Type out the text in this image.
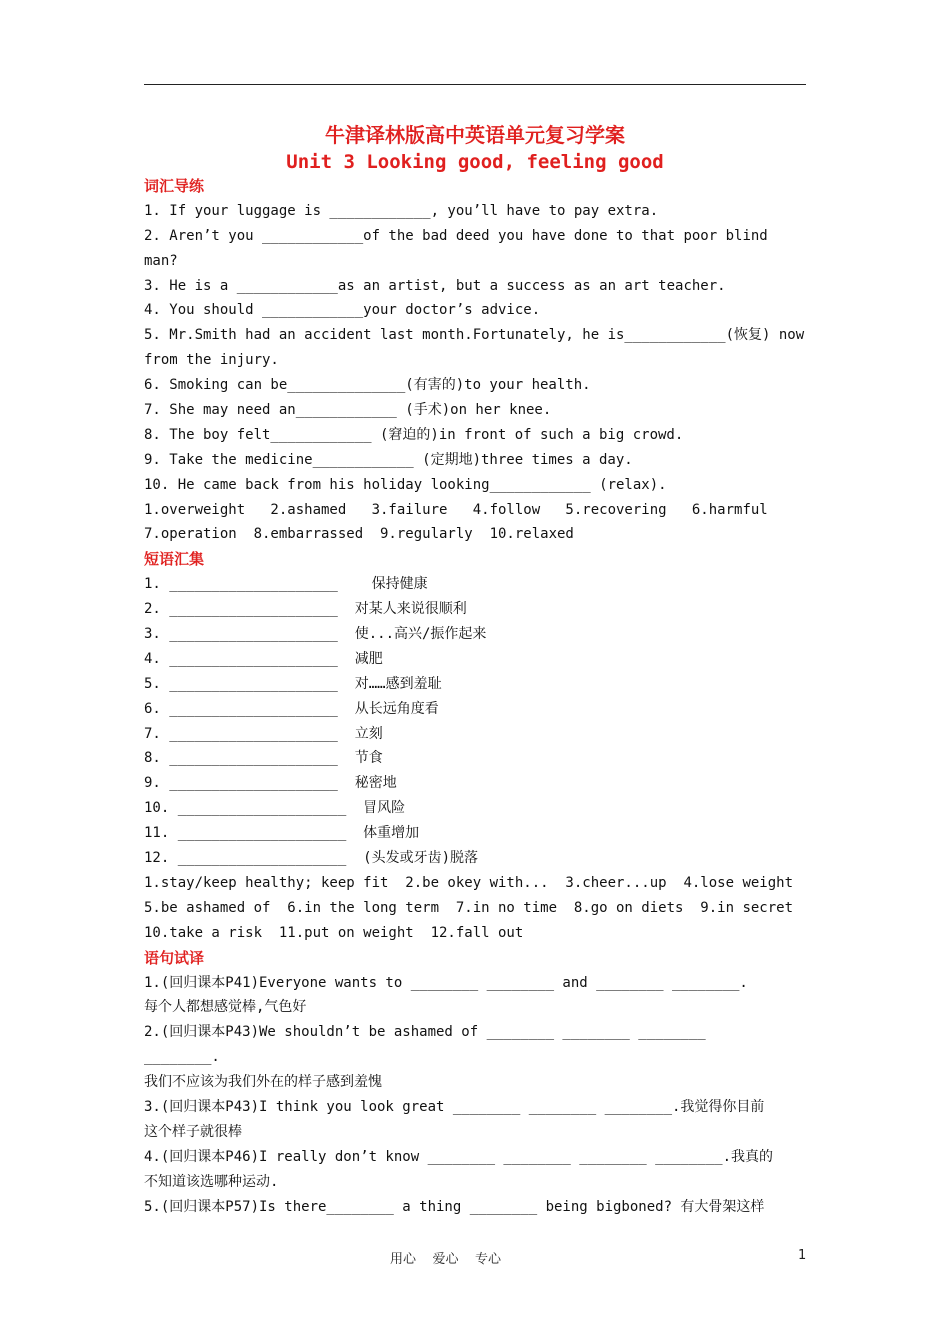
牛津译林版高中英语单元复习学案
Unit 3 Looking good, feeling good
词汇导练
1. If your luggage is ____________, you’ll have to pay extra.
2. Aren’t you ____________of the bad deed you have done to that poor blind
man?
3. He is a ____________as an artist, but a success as an art teacher.
4. You should ____________your doctor’s advice.
5. Mr.Smith had an accident last month.Fortunately, he is____________(恢复) now
from the injury.
6. Smoking can be______________(有害的)to your health.
7. She may need an____________ (手术)on her knee.
8. The boy felt____________ (窘迫的)in front of such a big crowd.
9. Take the medicine____________ (定期地)three times a day.
10. He came back from his holiday looking____________ (relax).
1.overweight   2.ashamed   3.failure   4.follow   5.recovering   6.harmful
7.operation  8.embarrassed  9.regularly  10.relaxed
短语汇集
1. ____________________    保持健康
2. ____________________  对某人来说很顺利
3. ____________________  使...高兴/振作起来
4. ____________________  减肥
5. ____________________  对……感到羞耻
6. ____________________  从长远角度看
7. ____________________  立刻
8. ____________________  节食
9. ____________________  秘密地
10. ____________________  冒风险
11. ____________________  体重增加
12. ____________________  (头发或牙齿)脱落
1.stay/keep healthy; keep fit  2.be okey with...  3.cheer...up  4.lose weight
5.be ashamed of  6.in the long term  7.in no time  8.go on diets  9.in secret
10.take a risk  11.put on weight  12.fall out
语句试译
1.(回归课本P41)Everyone wants to ________ ________ and ________ ________.
每个人都想感觉棒,气色好
2.(回归课本P43)We shouldn’t be ashamed of ________ ________ ________
________.
我们不应该为我们外在的样子感到羞愧
3.(回归课本P43)I think you look great ________ ________ ________.我觉得你目前
这个样子就很棒
4.(回归课本P46)I really don’t know ________ ________ ________ ________.我真的
不知道该选哪种运动.
5.(回归课本P57)Is there________ a thing ________ being bigboned? 有大骨架这样
用心    爱心    专心	1
